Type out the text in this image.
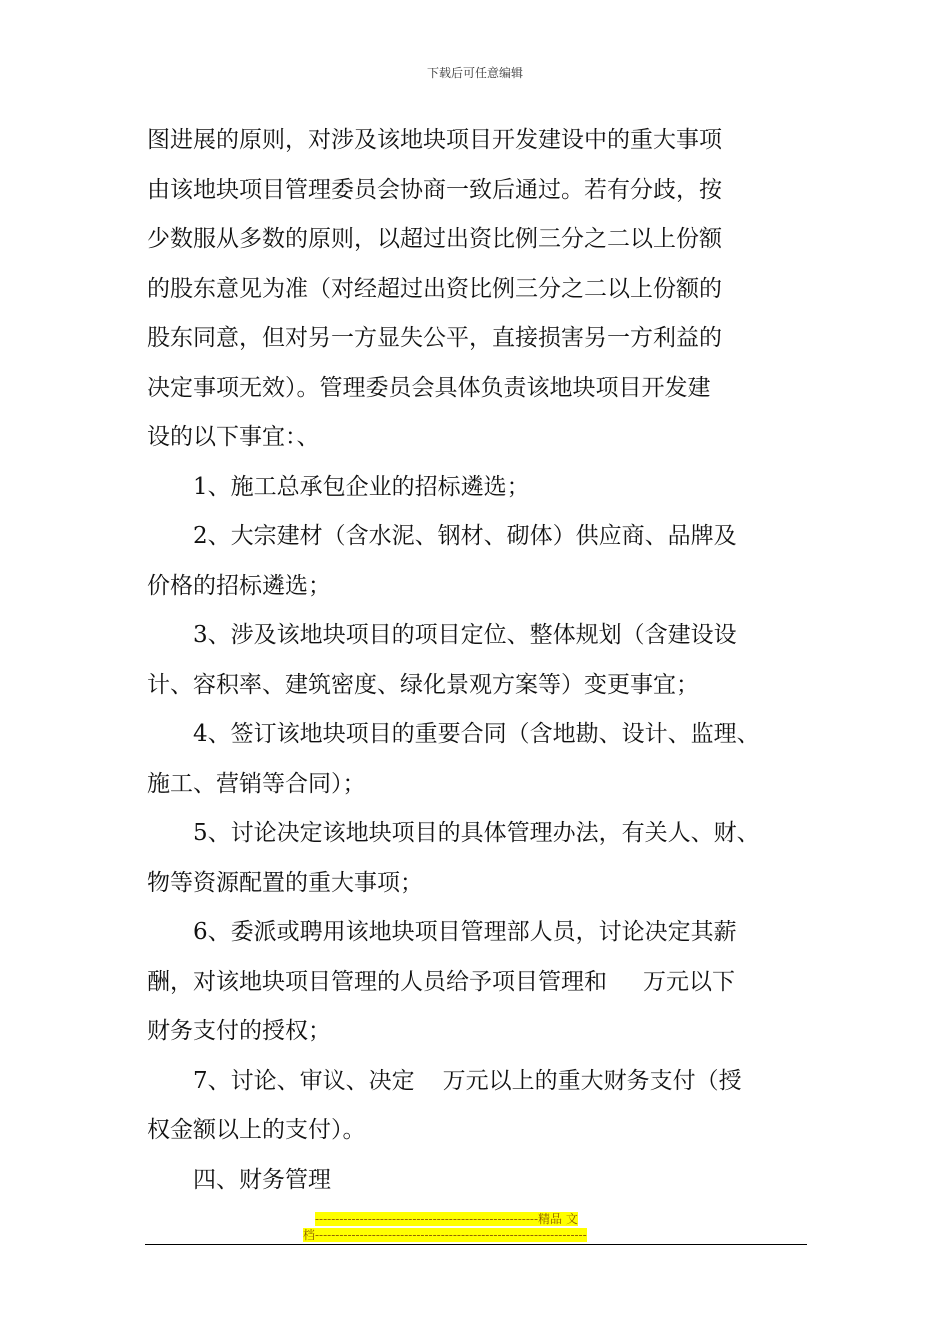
下载后可任意编辑
图进展的原则，对涉及该地块项目开发建设中的重大事项
由该地块项目管理委员会协商一致后通过。若有分歧，按
少数服从多数的原则，以超过出资比例三分之二以上份额
的股东意见为准（对经超过出资比例三分之二以上份额的
股东同意，但对另一方显失公平，直接损害另一方利益的
决定事项无效）。管理委员会具体负责该地块项目开发建
设的以下事宜：、
1、施工总承包企业的招标遴选；
2、大宗建材（含水泥、钢材、砌体）供应商、品牌及
价格的招标遴选；
3、涉及该地块项目的项目定位、整体规划（含建设设
计、容积率、建筑密度、绿化景观方案等）变更事宜；
4、签订该地块项目的重要合同（含地勘、设计、监理、
施工、营销等合同）；
5、讨论决定该地块项目的具体管理办法，有关人、财、
物等资源配置的重大事项；
6、委派或聘用该地块项目管理部人员，讨论决定其薪
酬，对该地块项目管理的人员给予项目管理和 万元以下
财务支付的授权；
7、讨论、审议、决定 万元以上的重大财务支付（授
权金额以上的支付）。
四、财务管理
-------------------------------------------------------精品 文
档-------------------------------------------------------------------
